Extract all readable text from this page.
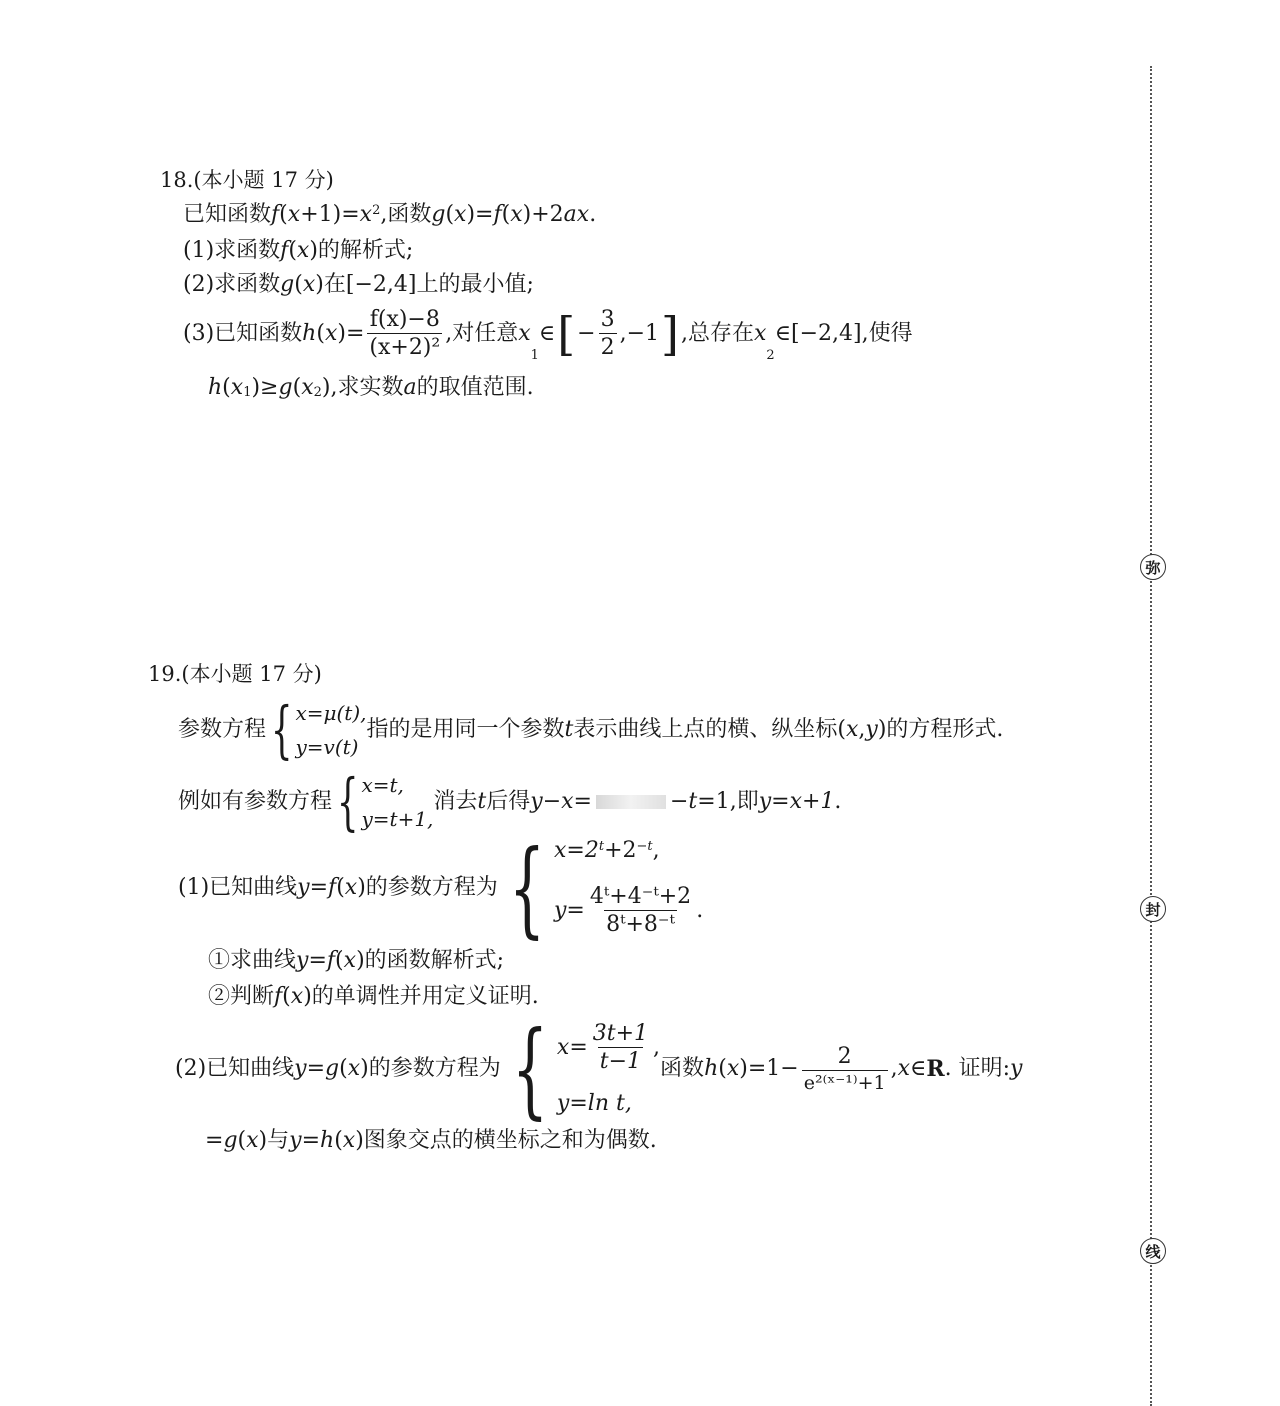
18.(本小题 17 分)
已知函数 f ( $x +1)= x^2$ ,函数 g ( x )= f ( x )+2 ax .
(1)求函数 f ( x )的解析式;
(2)求函数 g ( x )在[−2,4]上的最小值;
(3)已知函数 h ( x )= $\frac{f(x)-8}{\text{(x+2)²}}$ ,对任意 x
1
∈ [ − $\frac{3}{2} ,-1$ ] ,总存在 x
2
∈[−2,4],使得
h ( $x_1$ )≥ g ( $x_2$ ),求实数 a 的取值范围.
19.(本小题 17 分)
参数方程 { x=μ(t),
y=v(t)
指的是用同一个参数 t 表示曲线上点的横、纵坐标( x , y )的方程形式.
例如有参数方程 { x=t,
y=t+1,
消去 t 后得 y−x=	− t =1,即 y=x+1 .
(1)已知曲线 y = f ( x )的参数方程为 { $x=2^t +2^{-t}$ ,
$y= \frac{\text{4ᵗ+4⁻ᵗ+2}}{\text{8ᵗ+8⁻ᵗ}}$ .
①求曲线 y = f ( x )的函数解析式;
②判断 f ( x )的单调性并用定义证明.
(2)已知曲线 y = g ( x )的参数方程为 { $x= \frac{3t+1}{t-1}$ ,
y=ln t,
函数 h ( x )$=1- \frac{2}{\text{e²⁽ˣ⁻¹⁾+1}}$ , x ∈ R . 证明: y
= g ( x )与 y = h ( x )图象交点的横坐标之和为偶数.
弥
封
线
